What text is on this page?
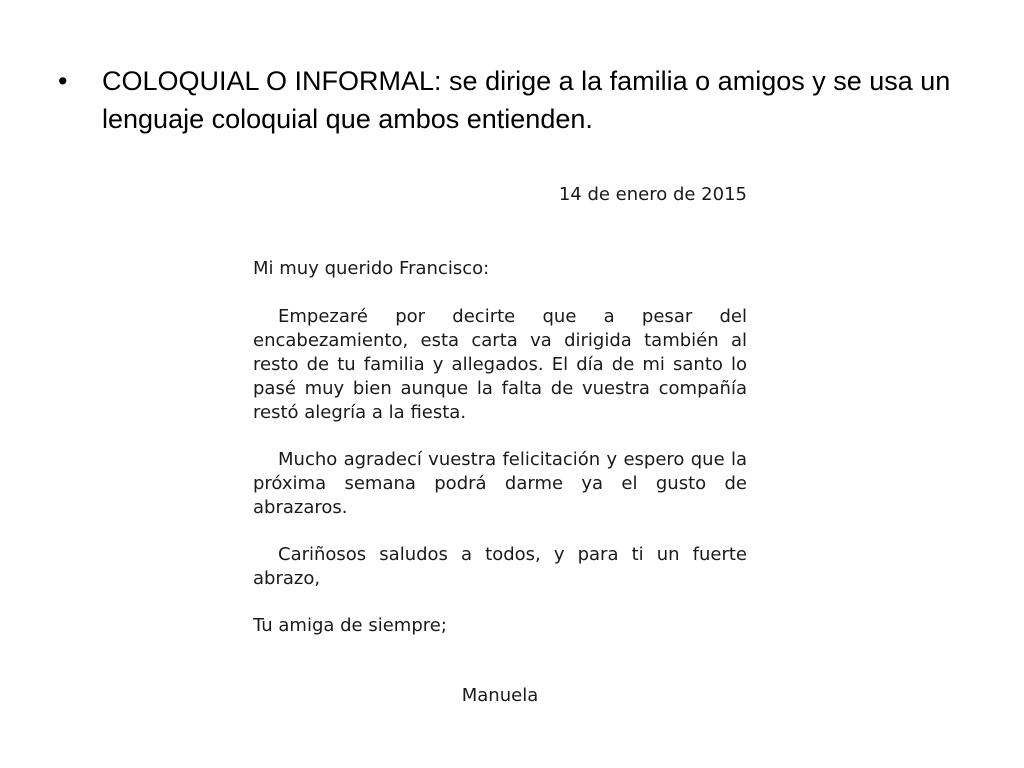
•	COLOQUIAL O INFORMAL: se dirige a la familia o amigos y se usa un lenguaje coloquial que ambos entienden.

14 de enero de 2015

Mi muy querido Francisco:

Empezaré por decirte que a pesar del encabezamiento, esta carta va dirigida también al resto de tu familia y allegados. El día de mi santo lo pasé muy bien aunque la falta de vuestra compañía restó alegría a la fiesta.

Mucho agradecí vuestra felicitación y espero que la próxima semana podrá darme ya el gusto de abrazaros.

Cariñosos saludos a todos, y para ti un fuerte abrazo,

Tu amiga de siempre;

Manuela
